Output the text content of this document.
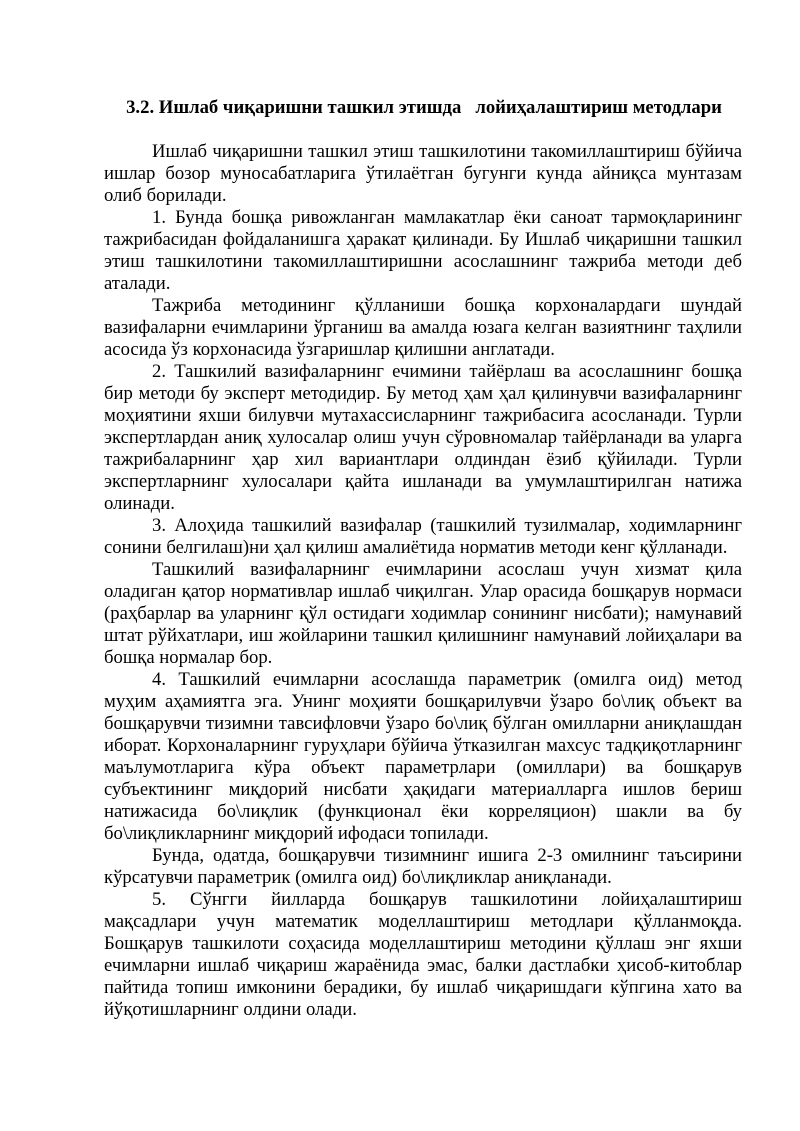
3.2. Ишлаб чиқаришни ташкил этишда   лойиҳалаштириш методлари

Ишлаб чиқаришни ташкил этиш ташкилотини такомиллаштириш бўйича ишлар бозор муносабатларига ўтилаётган бугунги кунда айниқса мунтазам олиб борилади.

1. Бунда бошқа ривожланган мамлакатлар ёки саноат тармоқларининг тажрибасидан фойдаланишга ҳаракат қилинади. Бу Ишлаб чиқаришни ташкил этиш ташкилотини такомиллаштиришни асослашнинг тажриба методи деб аталади.

Тажриба методининг қўлланиши бошқа корхоналардаги шундай вазифаларни ечимларини ўрганиш ва амалда юзага келган вазиятнинг таҳлили асосида ўз корхонасида ўзгаришлар қилишни англатади.

2. Ташкилий вазифаларнинг ечимини тайёрлаш ва асослашнинг бошқа бир методи бу эксперт методидир. Бу метод ҳам ҳал қилинувчи вазифаларнинг моҳиятини яхши билувчи мутахассисларнинг тажрибасига асосланади. Турли экспертлардан аниқ хулосалар олиш учун сўровномалар тайёрланади ва уларга тажрибаларнинг ҳар хил вариантлари олдиндан ёзиб қўйилади. Турли экспертларнинг хулосалари қайта ишланади ва умумлаштирилган натижа олинади.

3. Алоҳида ташкилий вазифалар (ташкилий тузилмалар, ходимларнинг сонини белгилаш)ни ҳал қилиш амалиётида норматив методи кенг қўлланади.

Ташкилий вазифаларнинг ечимларини асослаш учун хизмат қила оладиган қатор нормативлар ишлаб чиқилган. Улар орасида бошқарув нормаси (раҳбарлар ва уларнинг қўл остидаги ходимлар сонининг нисбати); намунавий штат рўйхатлари, иш жойларини ташкил қилишнинг намунавий лойиҳалари ва бошқа нормалар бор.

4. Ташкилий ечимларни асослашда параметрик (омилга оид) метод муҳим аҳамиятга эга. Унинг моҳияти бошқарилувчи ўзаро бо\лиқ объект ва бошқарувчи тизимни тавсифловчи ўзаро бо\лиқ бўлган омилларни аниқлашдан иборат. Корхоналарнинг гуруҳлари бўйича ўтказилган махсус тадқиқотларнинг маълумотларига кўра объект параметрлари (омиллари) ва бошқарув субъектининг миқдорий нисбати ҳақидаги материалларга ишлов бериш натижасида бо\лиқлик (функционал ёки корреляцион) шакли ва бу бо\лиқликларнинг миқдорий ифодаси топилади.

Бунда, одатда, бошқарувчи тизимнинг ишига 2-3 омилнинг таъсирини кўрсатувчи параметрик (омилга оид) бо\лиқликлар аниқланади.

5. Сўнгги йилларда бошқарув ташкилотини лойиҳалаштириш мақсадлари учун математик моделлаштириш методлари қўлланмоқда. Бошқарув ташкилоти соҳасида моделлаштириш методини қўллаш энг яхши ечимларни ишлаб чиқариш жараёнида эмас, балки дастлабки ҳисоб-китоблар пайтида топиш имконини берадики, бу ишлаб чиқаришдаги кўпгина хато ва йўқотишларнинг олдини олади.
